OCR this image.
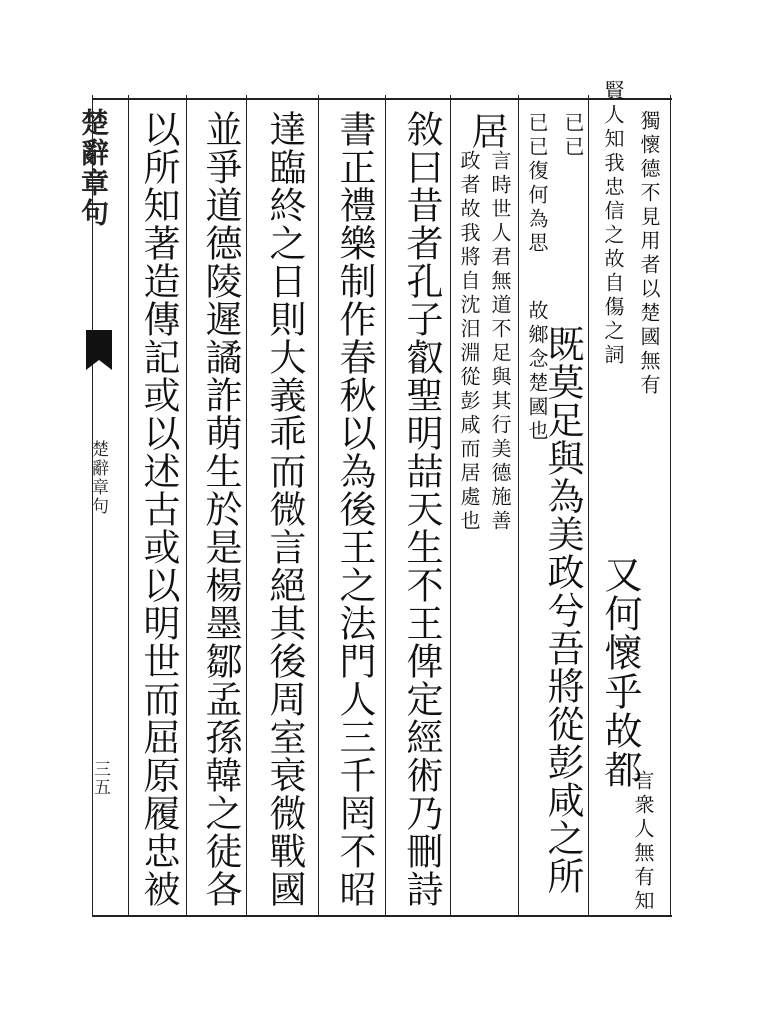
楚辭章句
楚辭章句
三五
獨懷德不見用者以楚國無有
賢人知我忠信之故自傷之詞
已已
又何懷乎故都
言衆人無有知
已已復何為思
故鄉念楚國也
既莫足與為美政兮吾將從彭咸之所
居
言時世人君無道不足與其行美德施善
政者故我將自沈汨淵從彭咸而居處也
敘曰昔者孔子叡聖明喆天生不王俾定經術乃刪詩
書正禮樂制作春秋以為後王之法門人三千罔不昭
達臨終之日則大義乖而微言絕其後周室衰微戰國
並爭道德陵遲譎詐萌生於是楊墨鄒孟孫韓之徒各
以所知著造傳記或以述古或以明世而屈原履忠被
